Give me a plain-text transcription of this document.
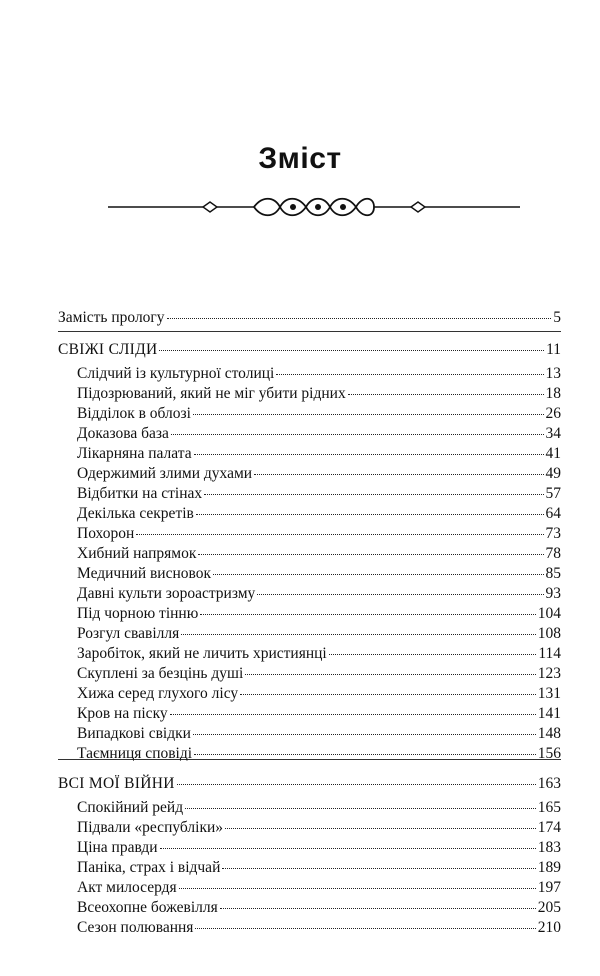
Зміст
Замість прологу	5
СВІЖІ СЛІДИ	11
Слідчий із культурної столиці	13
Підозрюваний, який не міг убити рідних	18
Відділок в облозі	26
Доказова база	34
Лікарняна палата	41
Одержимий злими духами	49
Відбитки на стінах	57
Декілька секретів	64
Похорон	73
Хибний напрямок	78
Медичний висновок	85
Давні культи зороастризму	93
Під чорною тінню	104
Розгул свавілля	108
Заробіток, який не личить християнці	114
Скуплені за безцінь душі	123
Хижа серед глухого лісу	131
Кров на піску	141
Випадкові свідки	148
Таємниця сповіді	156
ВСІ МОЇ ВІЙНИ	163
Спокійний рейд	165
Підвали «республіки»	174
Ціна правди	183
Паніка, страх і відчай	189
Акт милосердя	197
Всеохопне божевілля	205
Сезон полювання	210
